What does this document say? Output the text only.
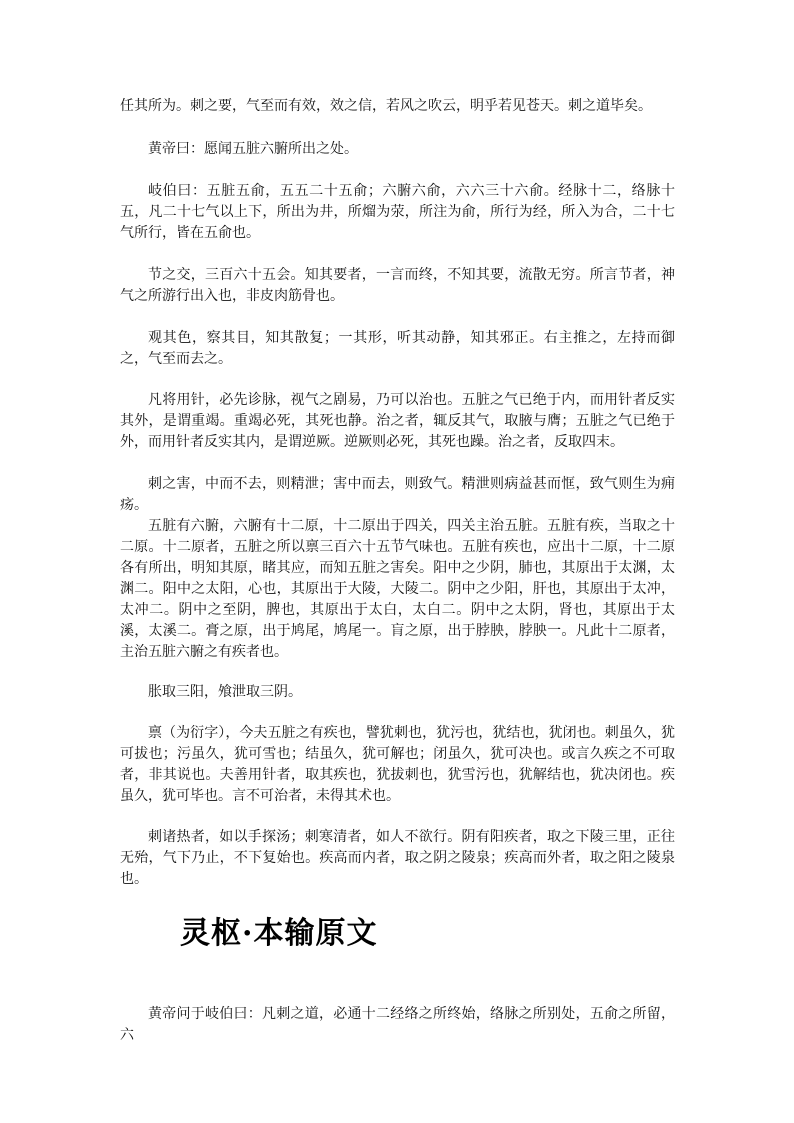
任其所为。刺之要，气至而有效，效之信，若风之吹云，明乎若见苍天。刺之道毕矣。

黄帝曰：愿闻五脏六腑所出之处。

岐伯曰：五脏五俞，五五二十五俞；六腑六俞，六六三十六俞。经脉十二，络脉十五，凡二十七气以上下，所出为井，所熘为荥，所注为俞，所行为经，所入为合，二十七气所行，皆在五俞也。

节之交，三百六十五会。知其要者，一言而终，不知其要，流散无穷。所言节者，神气之所游行出入也，非皮肉筋骨也。

观其色，察其目，知其散复；一其形，听其动静，知其邪正。右主推之，左持而御之，气至而去之。

凡将用针，必先诊脉，视气之剧易，乃可以治也。五脏之气已绝于内，而用针者反实其外，是谓重竭。重竭必死，其死也静。治之者，辄反其气，取腋与膺；五脏之气已绝于外，而用针者反实其内，是谓逆厥。逆厥则必死，其死也躁。治之者，反取四末。

刺之害，中而不去，则精泄；害中而去，则致气。精泄则病益甚而恇，致气则生为痈疡。

五脏有六腑，六腑有十二原，十二原出于四关，四关主治五脏。五脏有疾，当取之十二原。十二原者，五脏之所以禀三百六十五节气味也。五脏有疾也，应出十二原，十二原各有所出，明知其原，睹其应，而知五脏之害矣。阳中之少阴，肺也，其原出于太渊，太渊二。阳中之太阳，心也，其原出于大陵，大陵二。阴中之少阳，肝也，其原出于太冲，太冲二。阴中之至阴，脾也，其原出于太白，太白二。阴中之太阴，肾也，其原出于太溪，太溪二。膏之原，出于鸠尾，鸠尾一。肓之原，出于脖胦，脖胦一。凡此十二原者，主治五脏六腑之有疾者也。

胀取三阳，飧泄取三阴。

禀（为衍字），今夫五脏之有疾也，譬犹刺也，犹污也，犹结也，犹闭也。刺虽久，犹可拔也；污虽久，犹可雪也；结虽久，犹可解也；闭虽久，犹可决也。或言久疾之不可取者，非其说也。夫善用针者，取其疾也，犹拔刺也，犹雪污也，犹解结也，犹决闭也。疾虽久，犹可毕也。言不可治者，未得其术也。

刺诸热者，如以手探汤；刺寒清者，如人不欲行。阴有阳疾者，取之下陵三里，正往无殆，气下乃止，不下复始也。疾高而内者，取之阴之陵泉；疾高而外者，取之阳之陵泉也。

灵枢·本输原文

黄帝问于岐伯曰：凡刺之道，必通十二经络之所终始，络脉之所别处，五俞之所留，六
